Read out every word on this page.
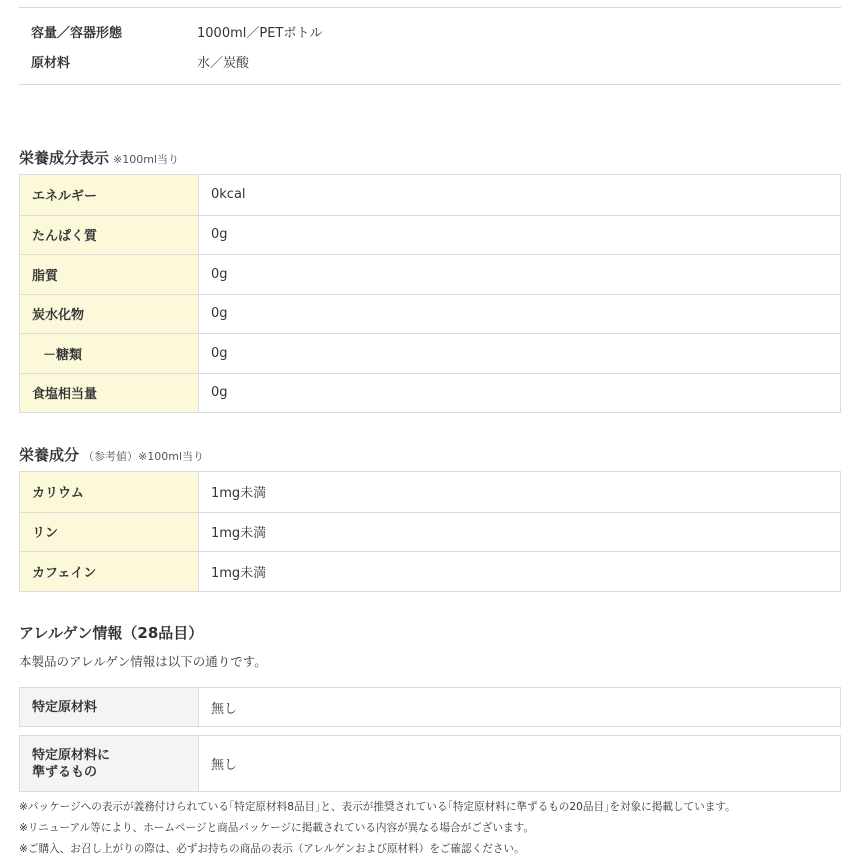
容量／容器形態	1000ml／PETボトル
原材料	水／炭酸
栄養成分表示 ※100ml当り
エネルギー	0kcal
たんぱく質	0g
脂質	0g
炭水化物	0g
－糖類	0g
食塩相当量	0g
栄養成分 （参考値）※100ml当り
カリウム	1mg未満
リン	1mg未満
カフェイン	1mg未満
アレルゲン情報（28品目）
本製品のアレルゲン情報は以下の通りです。
特定原材料	無し
特定原材料に
準ずるもの	無し
※パッケージへの表示が義務付けられている｢特定原材料8品目｣と、表示が推奨されている｢特定原材料に準ずるもの20品目｣を対象に掲載しています。
※リニューアル等により、ホームページと商品パッケージに掲載されている内容が異なる場合がございます。
※ご購入、お召し上がりの際は、必ずお持ちの商品の表示（アレルゲンおよび原材料）をご確認ください。
